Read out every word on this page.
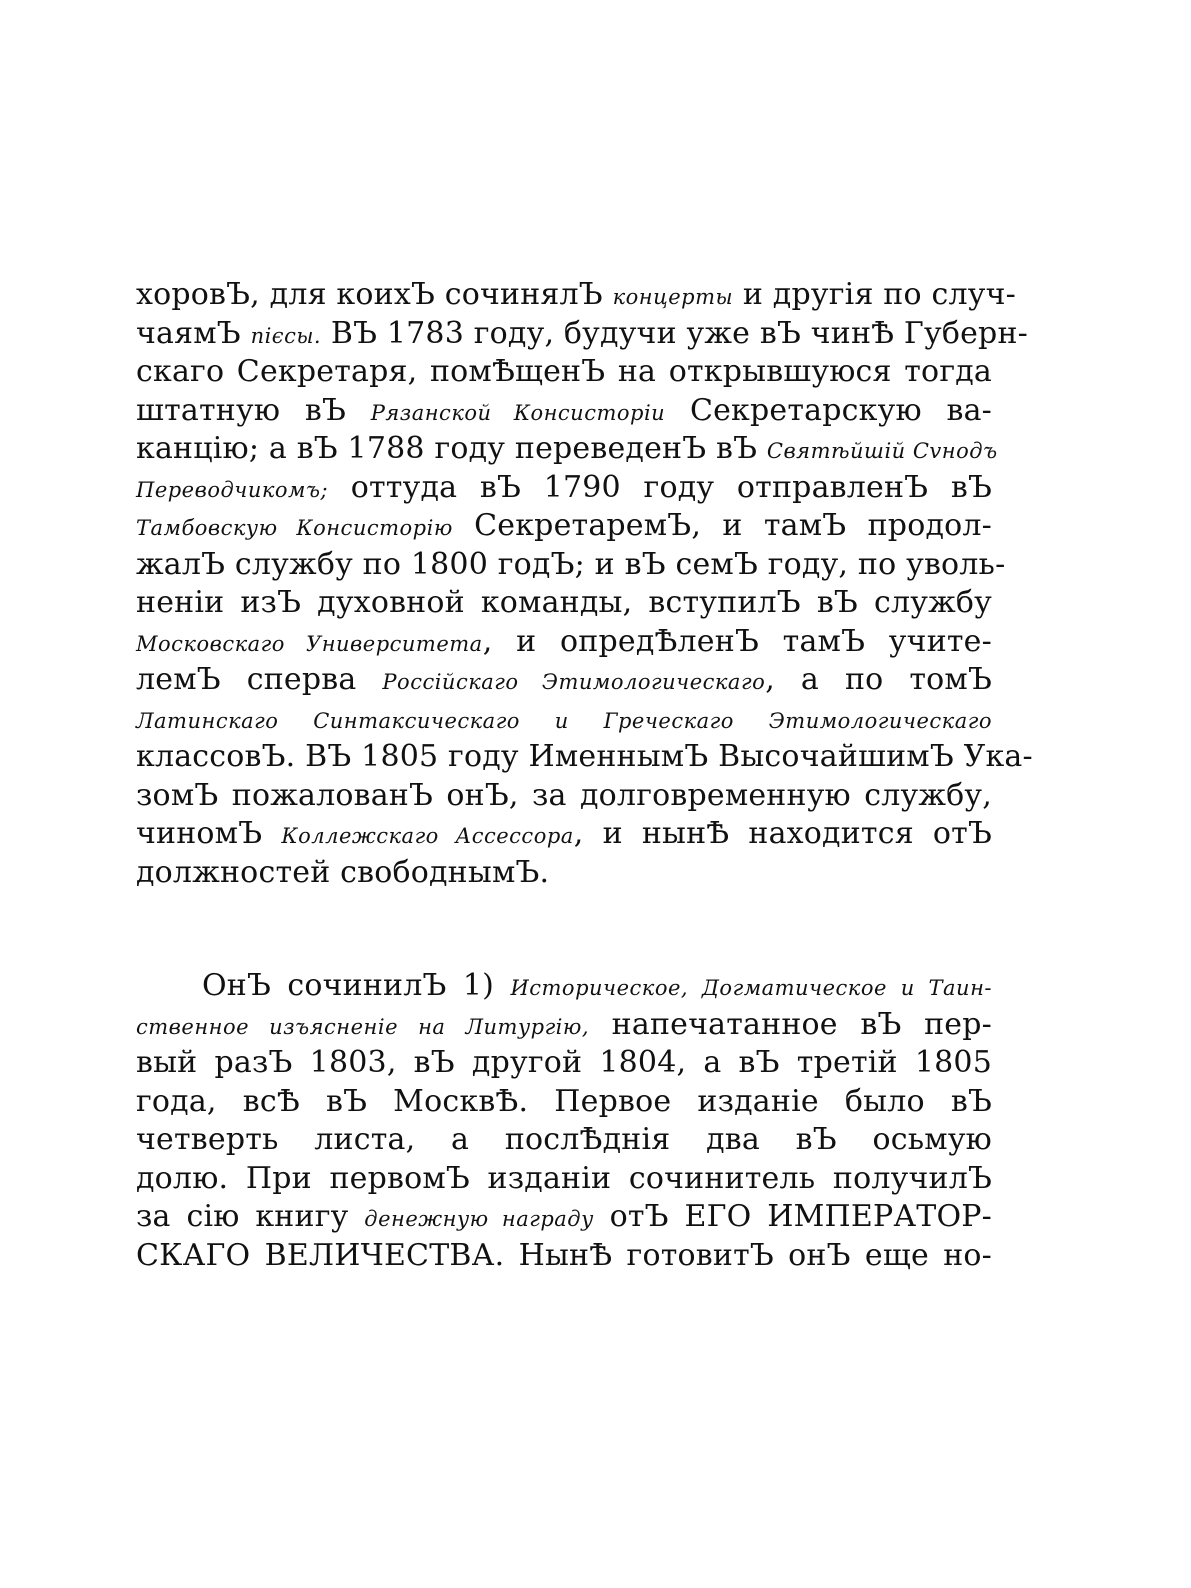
хоровЪ, для коихЪ сочинялЪ концерты и другія по случ-
чаямЪ пієсы. ВЪ 1783 году, будучи уже вЪ чинѢ Губерн-
скаго Секретаря, помѢщенЪ на открывшуюся тогда
штатную вЪ Рязанской Консисторіи Секретарскую ва-
канцію; а вЪ 1788 году переведенЪ вЪ Святѣйшій Сvнодъ
Переводчикомъ; оттуда вЪ 1790 году отправленЪ вЪ
Тамбовскую Консисторію СекретаремЪ, и тамЪ продол-
жалЪ службу по 1800 годЪ; и вЪ семЪ году, по уволь-
неніи изЪ духовной команды, вступилЪ вЪ службу
Московскаго Университета, и опредѢленЪ тамЪ учите-
лемЪ сперва Россійскаго Этимологическаго, а по томЪ
Латинскаго Синтаксическаго и Греческаго Этимологическаго
классовЪ. ВЪ 1805 году ИменнымЪ ВысочайшимЪ Ука-
зомЪ пожалованЪ онЪ, за долговременную службу,
чиномЪ Коллежскаго Ассессора, и нынѢ находится отЪ
должностей свободнымЪ.
ОнЪ сочинилЪ 1) Историческое, Догматическое и Таин-
ственное изъясненіе на Литургію, напечатанное вЪ пер-
вый разЪ 1803, вЪ другой 1804, а вЪ третій 1805
года, всѢ вЪ МосквѢ. Первое изданіе было вЪ
четверть листа, а послѢднія два вЪ осьмую
долю. При первомЪ изданіи сочинитель получилЪ
за сію книгу денежную награду отЪ ЕГО ИМПЕРАТОР-
СКАГО ВЕЛИЧЕСТВА. НынѢ готовитЪ онЪ еще но-
